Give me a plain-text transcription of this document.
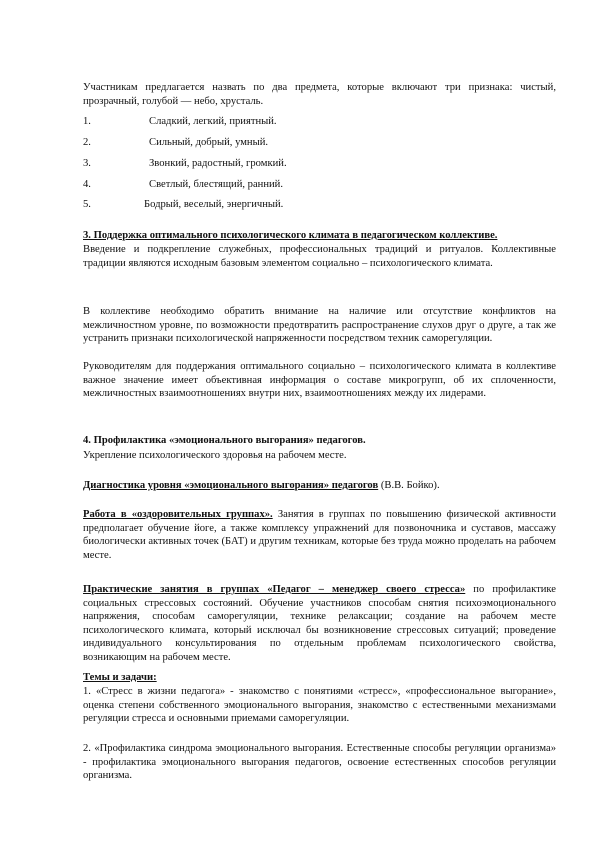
Участникам предлагается назвать по два предмета, которые включают три признака: чистый, прозрачный, голубой — небо, хрусталь.

1.	Сладкий, легкий, приятный.
2.	Сильный, добрый, умный.
3.	Звонкий, радостный, громкий.
4.	Светлый, блестящий, ранний.
5.	Бодрый, веселый, энергичный.

3. Поддержка оптимального психологического климата в педагогическом коллективе.

Введение и подкрепление служебных, профессиональных традиций и ритуалов. Коллективные традиции являются исходным базовым элементом социально – психологического климата.

В коллективе необходимо обратить внимание на наличие или отсутствие конфликтов на межличностном уровне, по возможности предотвратить распространение слухов друг о друге, а так же устранить признаки психологической напряженности посредством техник саморегуляции.

Руководителям для поддержания оптимального социально – психологического климата в коллективе важное значение имеет объективная информация о составе микрогрупп, об их сплоченности, межличностных взаимоотношениях внутри них, взаимоотношениях между их лидерами.

4. Профилактика «эмоционального выгорания» педагогов.

Укрепление психологического здоровья на рабочем месте.

Диагностика уровня «эмоционального выгорания» педагогов (В.В. Бойко).

Работа в «оздоровительных группах». Занятия в группах по повышению физической активности предполагает обучение йоге, а также комплексу упражнений для позвоночника и суставов, массажу биологически активных точек (БАТ) и другим техникам, которые без труда можно проделать на рабочем месте.

Практические занятия в группах «Педагог – менеджер своего стресса» по профилактике социальных стрессовых состояний. Обучение участников способам снятия психоэмоционального напряжения, способам саморегуляции, технике релаксации; создание на рабочем месте психологического климата, который исключал бы возникновение стрессовых ситуаций; проведение индивидуального консультирования по отдельным проблемам психологического свойства, возникающим на рабочем месте.

Темы и задачи:

1. «Стресс в жизни педагога» - знакомство с понятиями «стресс», «профессиональное выгорание», оценка степени собственного эмоционального выгорания, знакомство с естественными механизмами регуляции стресса и основными приемами саморегуляции.

2. «Профилактика синдрома эмоционального выгорания. Естественные способы регуляции организма» - профилактика эмоционального выгорания педагогов, освоение естественных способов регуляции организма.
